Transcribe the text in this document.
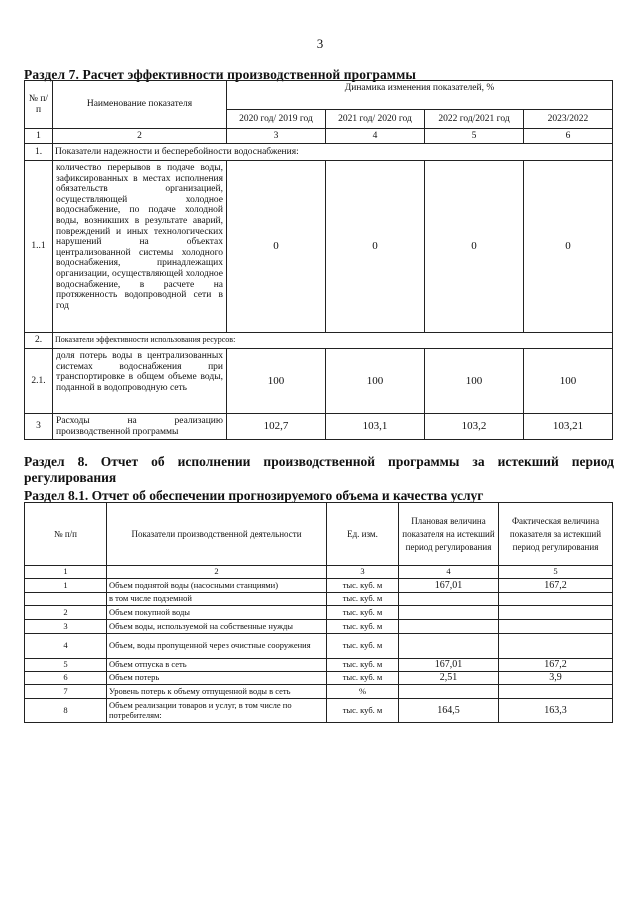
3
Раздел 7. Расчет эффективности производственной программы
№ п/п	Наименование показателя	Динамика изменения показателей, %			
		2020 год/ 2019 год	2021 год/ 2020 год	2022 год/2021 год	2023/2022
1	2	3	4	5	6
1.	Показатели надежности и бесперебойности водоснабжения:				
1..1	количество перерывов в подаче воды, зафиксированных в местах исполнения обязательств организацией, осуществляющей холодное водоснабжение, по подаче холодной воды, возникших в результате аварий, повреждений и иных технологических нарушений на объектах централизованной системы холодного водоснабжения, принадлежащих организации, осуществляющей холодное водоснабжение, в расчете на протяженность водопроводной сети в год	0	0	0	0
2.	Показатели эффективности использования ресурсов:				
2.1.	доля потерь воды в централизованных системах водоснабжения при транспортировке в общем объеме воды, поданной в водопроводную сеть	100	100	100	100
3	Расходы на реализацию производственной программы	102,7	103,1	103,2	103,21
Раздел 8. Отчет об исполнении производственной программы за истекший период регулирования
Раздел 8.1. Отчет об обеспечении прогнозируемого объема и качества услуг
№ п/п	Показатели производственной деятельности	Ед. изм.	Плановая величина показателя на истекший период регулирования	Фактическая величина показателя за истекший период регулирования
1	2	3	4	5
1	Объем поднятой воды (насосными станциями)	тыс. куб. м	167,01	167,2
	в том числе подземной	тыс. куб. м		
2	Объем покупной воды	тыс. куб. м		
3	Объем воды, используемой на собственные нужды	тыс. куб. м		
4	Объем, воды пропущенной через очистные сооружения	тыс. куб. м		
5	Объем отпуска в сеть	тыс. куб. м	167,01	167,2
6	Объем потерь	тыс. куб. м	2,51	3,9
7	Уровень потерь к объему отпущенной воды в сеть	%		
8	Объем реализации товаров и услуг, в том числе по потребителям:	тыс. куб. м	164,5	163,3
